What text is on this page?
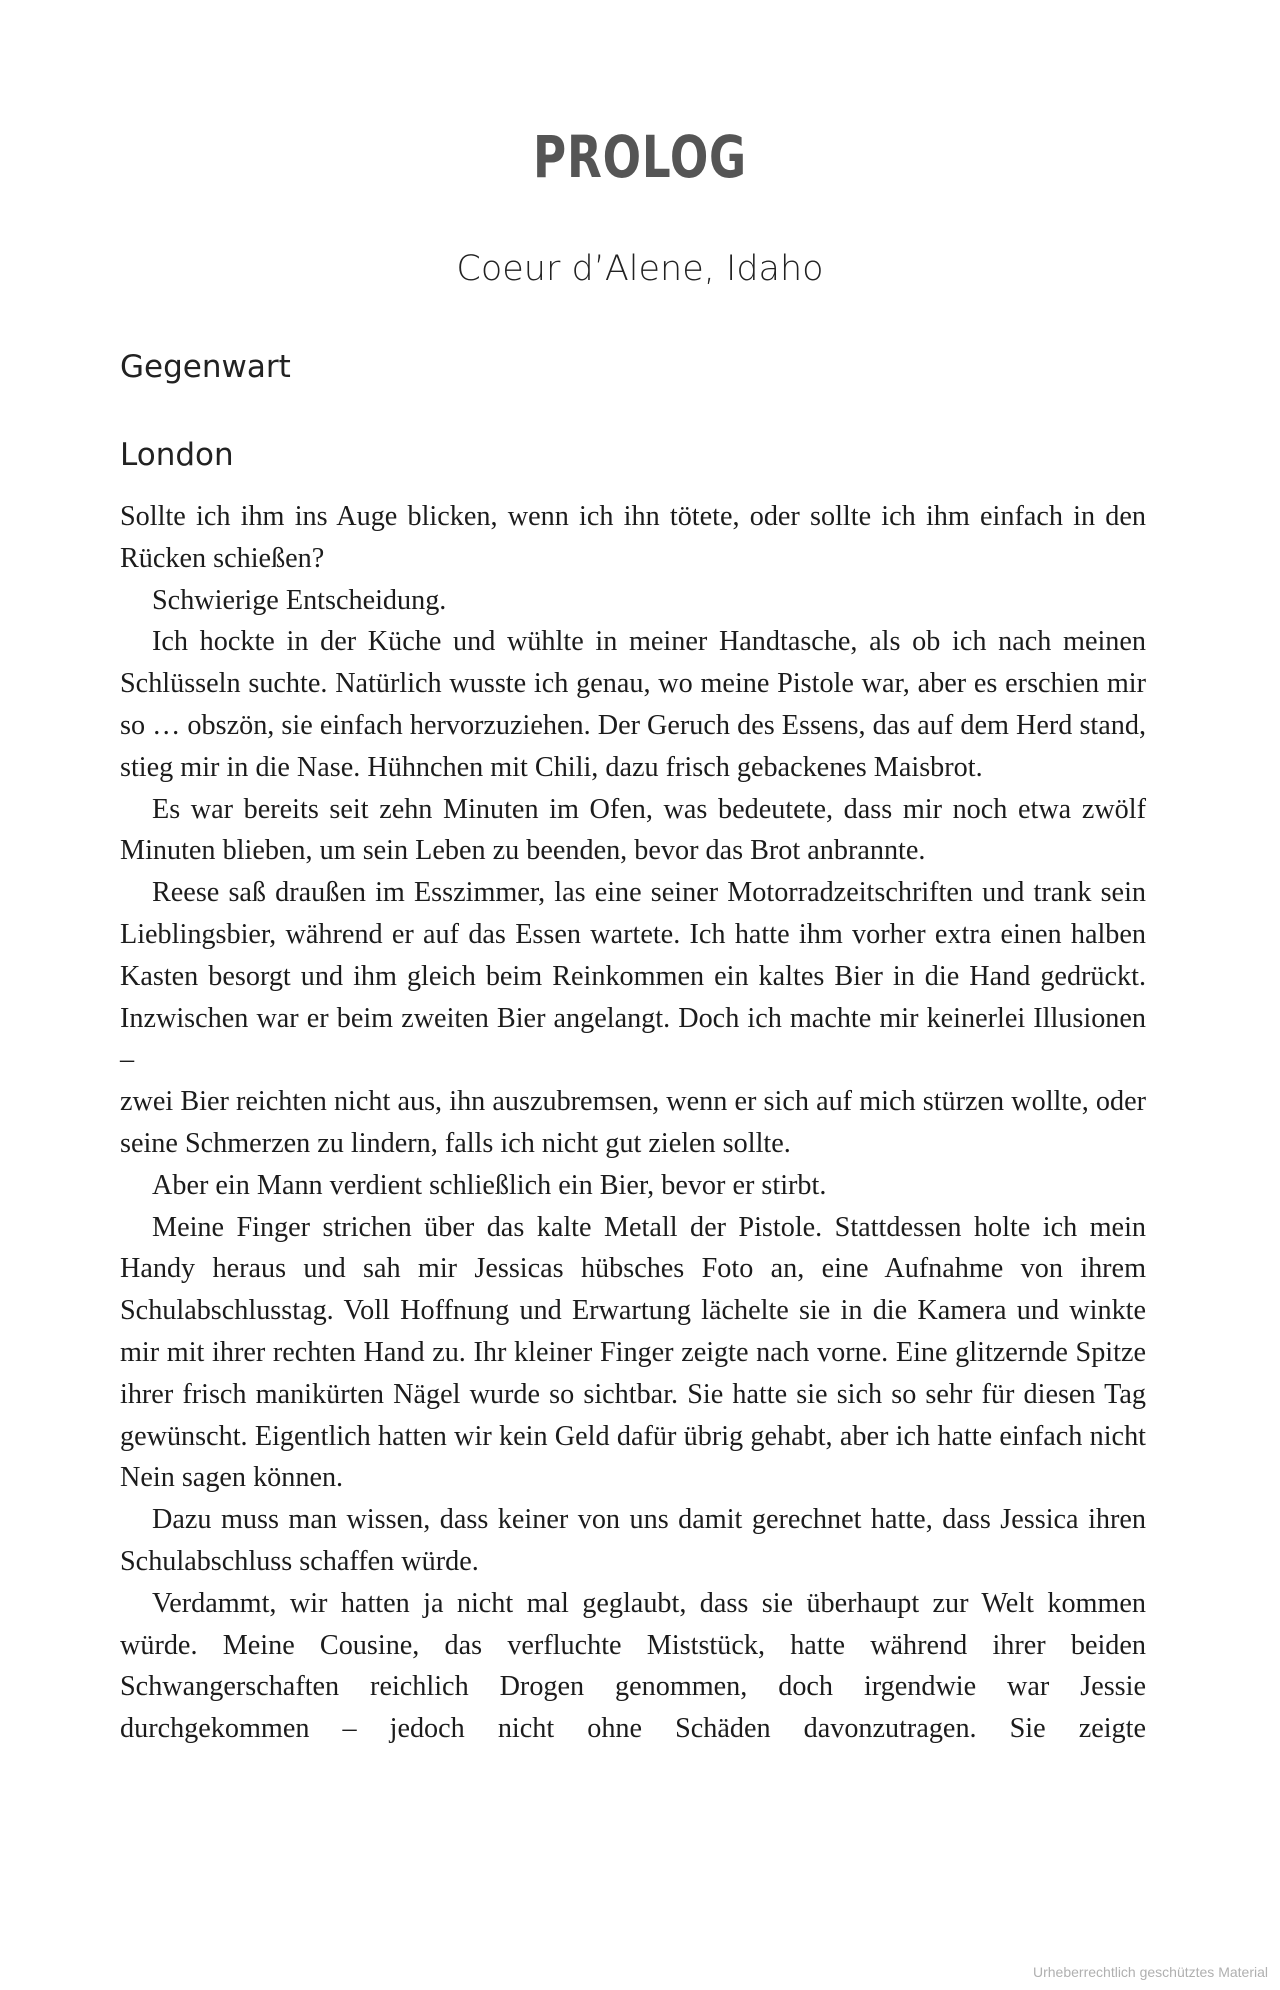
PROLOG
Coeur d’Alene, Idaho
Gegenwart
London

Sollte ich ihm ins Auge blicken, wenn ich ihn tötete, oder sollte ich ihm einfach in den Rücken schießen?

Schwierige Entscheidung.

Ich hockte in der Küche und wühlte in meiner Handtasche, als ob ich nach meinen Schlüsseln suchte. Natürlich wusste ich genau, wo meine Pistole war, aber es erschien mir so … obszön, sie einfach hervorzuziehen. Der Geruch des Essens, das auf dem Herd stand, stieg mir in die Nase. Hühnchen mit Chili, dazu frisch gebackenes Maisbrot.

Es war bereits seit zehn Minuten im Ofen, was bedeutete, dass mir noch etwa zwölf Minuten blieben, um sein Leben zu beenden, bevor das Brot anbrannte.

Reese saß draußen im Esszimmer, las eine seiner Motorradzeitschriften und trank sein Lieblingsbier, während er auf das Essen wartete. Ich hatte ihm vorher extra einen halben Kasten besorgt und ihm gleich beim Reinkommen ein kaltes Bier in die Hand gedrückt. Inzwischen war er beim zweiten Bier angelangt. Doch ich machte mir keinerlei Illusionen –

zwei Bier reichten nicht aus, ihn auszubremsen, wenn er sich auf mich stürzen wollte, oder seine Schmerzen zu lindern, falls ich nicht gut zielen sollte.

Aber ein Mann verdient schließlich ein Bier, bevor er stirbt.

Meine Finger strichen über das kalte Metall der Pistole. Stattdessen holte ich mein Handy heraus und sah mir Jessicas hübsches Foto an, eine Aufnahme von ihrem Schulabschlusstag. Voll Hoffnung und Erwartung lächelte sie in die Kamera und winkte mir mit ihrer rechten Hand zu. Ihr kleiner Finger zeigte nach vorne. Eine glitzernde Spitze ihrer frisch manikürten Nägel wurde so sichtbar. Sie hatte sie sich so sehr für diesen Tag gewünscht. Eigentlich hatten wir kein Geld dafür übrig gehabt, aber ich hatte einfach nicht Nein sagen können.

Dazu muss man wissen, dass keiner von uns damit gerechnet hatte, dass Jessica ihren Schulabschluss schaffen würde.

Verdammt, wir hatten ja nicht mal geglaubt, dass sie überhaupt zur Welt kommen würde. Meine Cousine, das verfluchte Miststück, hatte während ihrer beiden Schwangerschaften reichlich Drogen genommen, doch irgendwie war Jessie durchgekommen – jedoch nicht ohne Schäden davonzutragen. Sie zeigte

Urheberrechtlich geschütztes Material
